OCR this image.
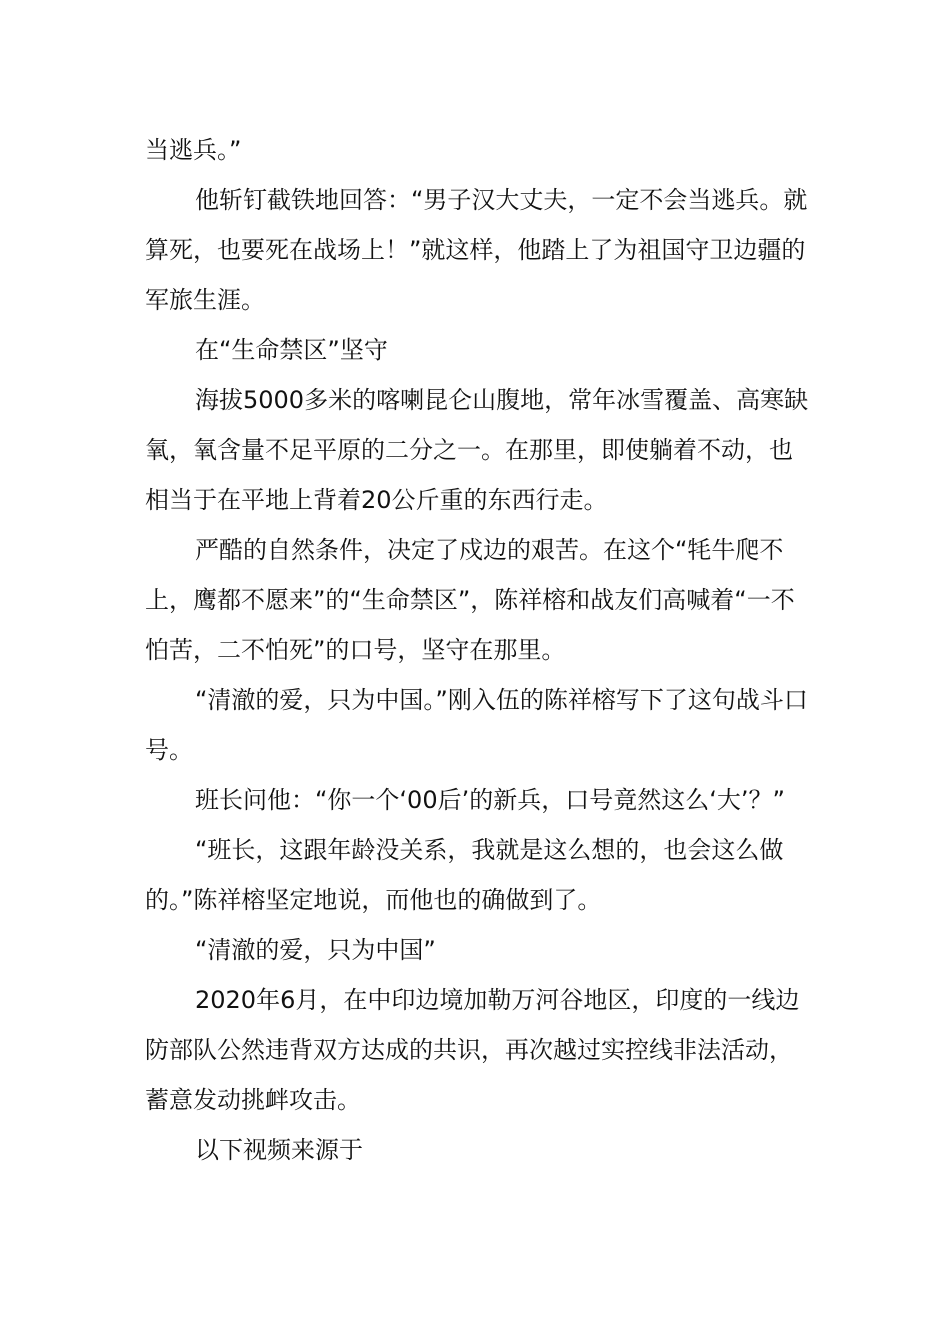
当逃兵。”

他斩钉截铁地回答：“男子汉大丈夫，一定不会当逃兵。就算死，也要死在战场上！”就这样，他踏上了为祖国守卫边疆的军旅生涯。

在“生命禁区”坚守

海拔5000多米的喀喇昆仑山腹地，常年冰雪覆盖、高寒缺氧，氧含量不足平原的二分之一。在那里，即使躺着不动，也相当于在平地上背着20公斤重的东西行走。

严酷的自然条件，决定了戍边的艰苦。在这个“牦牛爬不上，鹰都不愿来”的“生命禁区”，陈祥榕和战友们高喊着“一不怕苦，二不怕死”的口号，坚守在那里。

“清澈的爱，只为中国。”刚入伍的陈祥榕写下了这句战斗口号。

班长问他：“你一个‘00后’的新兵，口号竟然这么‘大’？”

“班长，这跟年龄没关系，我就是这么想的，也会这么做的。”陈祥榕坚定地说，而他也的确做到了。

“清澈的爱，只为中国”

2020年6月，在中印边境加勒万河谷地区，印度的一线边防部队公然违背双方达成的共识，再次越过实控线非法活动，蓄意发动挑衅攻击。

以下视频来源于
